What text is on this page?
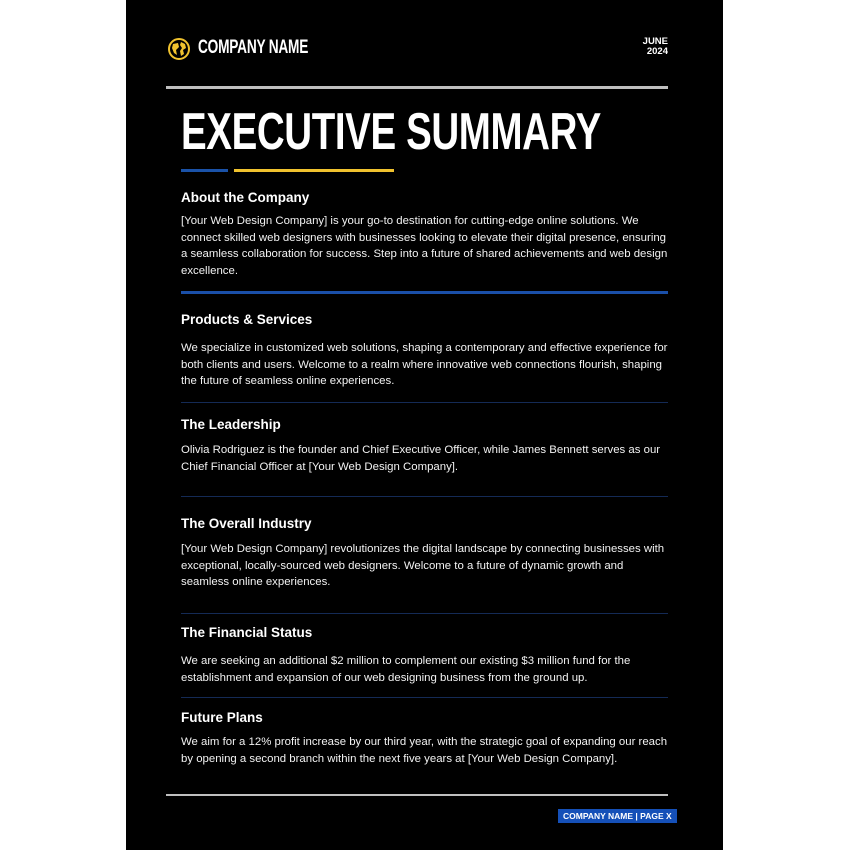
COMPANY NAME	JUNE
2024
EXECUTIVE SUMMARY
About the Company
[Your Web Design Company] is your go-to destination for cutting-edge online solutions. We connect skilled web designers with businesses looking to elevate their digital presence, ensuring a seamless collaboration for success. Step into a future of shared achievements and web design excellence.
Products & Services
We specialize in customized web solutions, shaping a contemporary and effective experience for both clients and users. Welcome to a realm where innovative web connections flourish, shaping the future of seamless online experiences.
The Leadership
Olivia Rodriguez is the founder and Chief Executive Officer, while James Bennett serves as our Chief Financial Officer at [Your Web Design Company].
The Overall Industry
[Your Web Design Company] revolutionizes the digital landscape by connecting businesses with exceptional, locally-sourced web designers. Welcome to a future of dynamic growth and seamless online experiences.
The Financial Status
We are seeking an additional $2 million to complement our existing $3 million fund for the establishment and expansion of our web designing business from the ground up.
Future Plans
We aim for a 12% profit increase by our third year, with the strategic goal of expanding our reach by opening a second branch within the next five years at [Your Web Design Company].
COMPANY NAME | PAGE X
